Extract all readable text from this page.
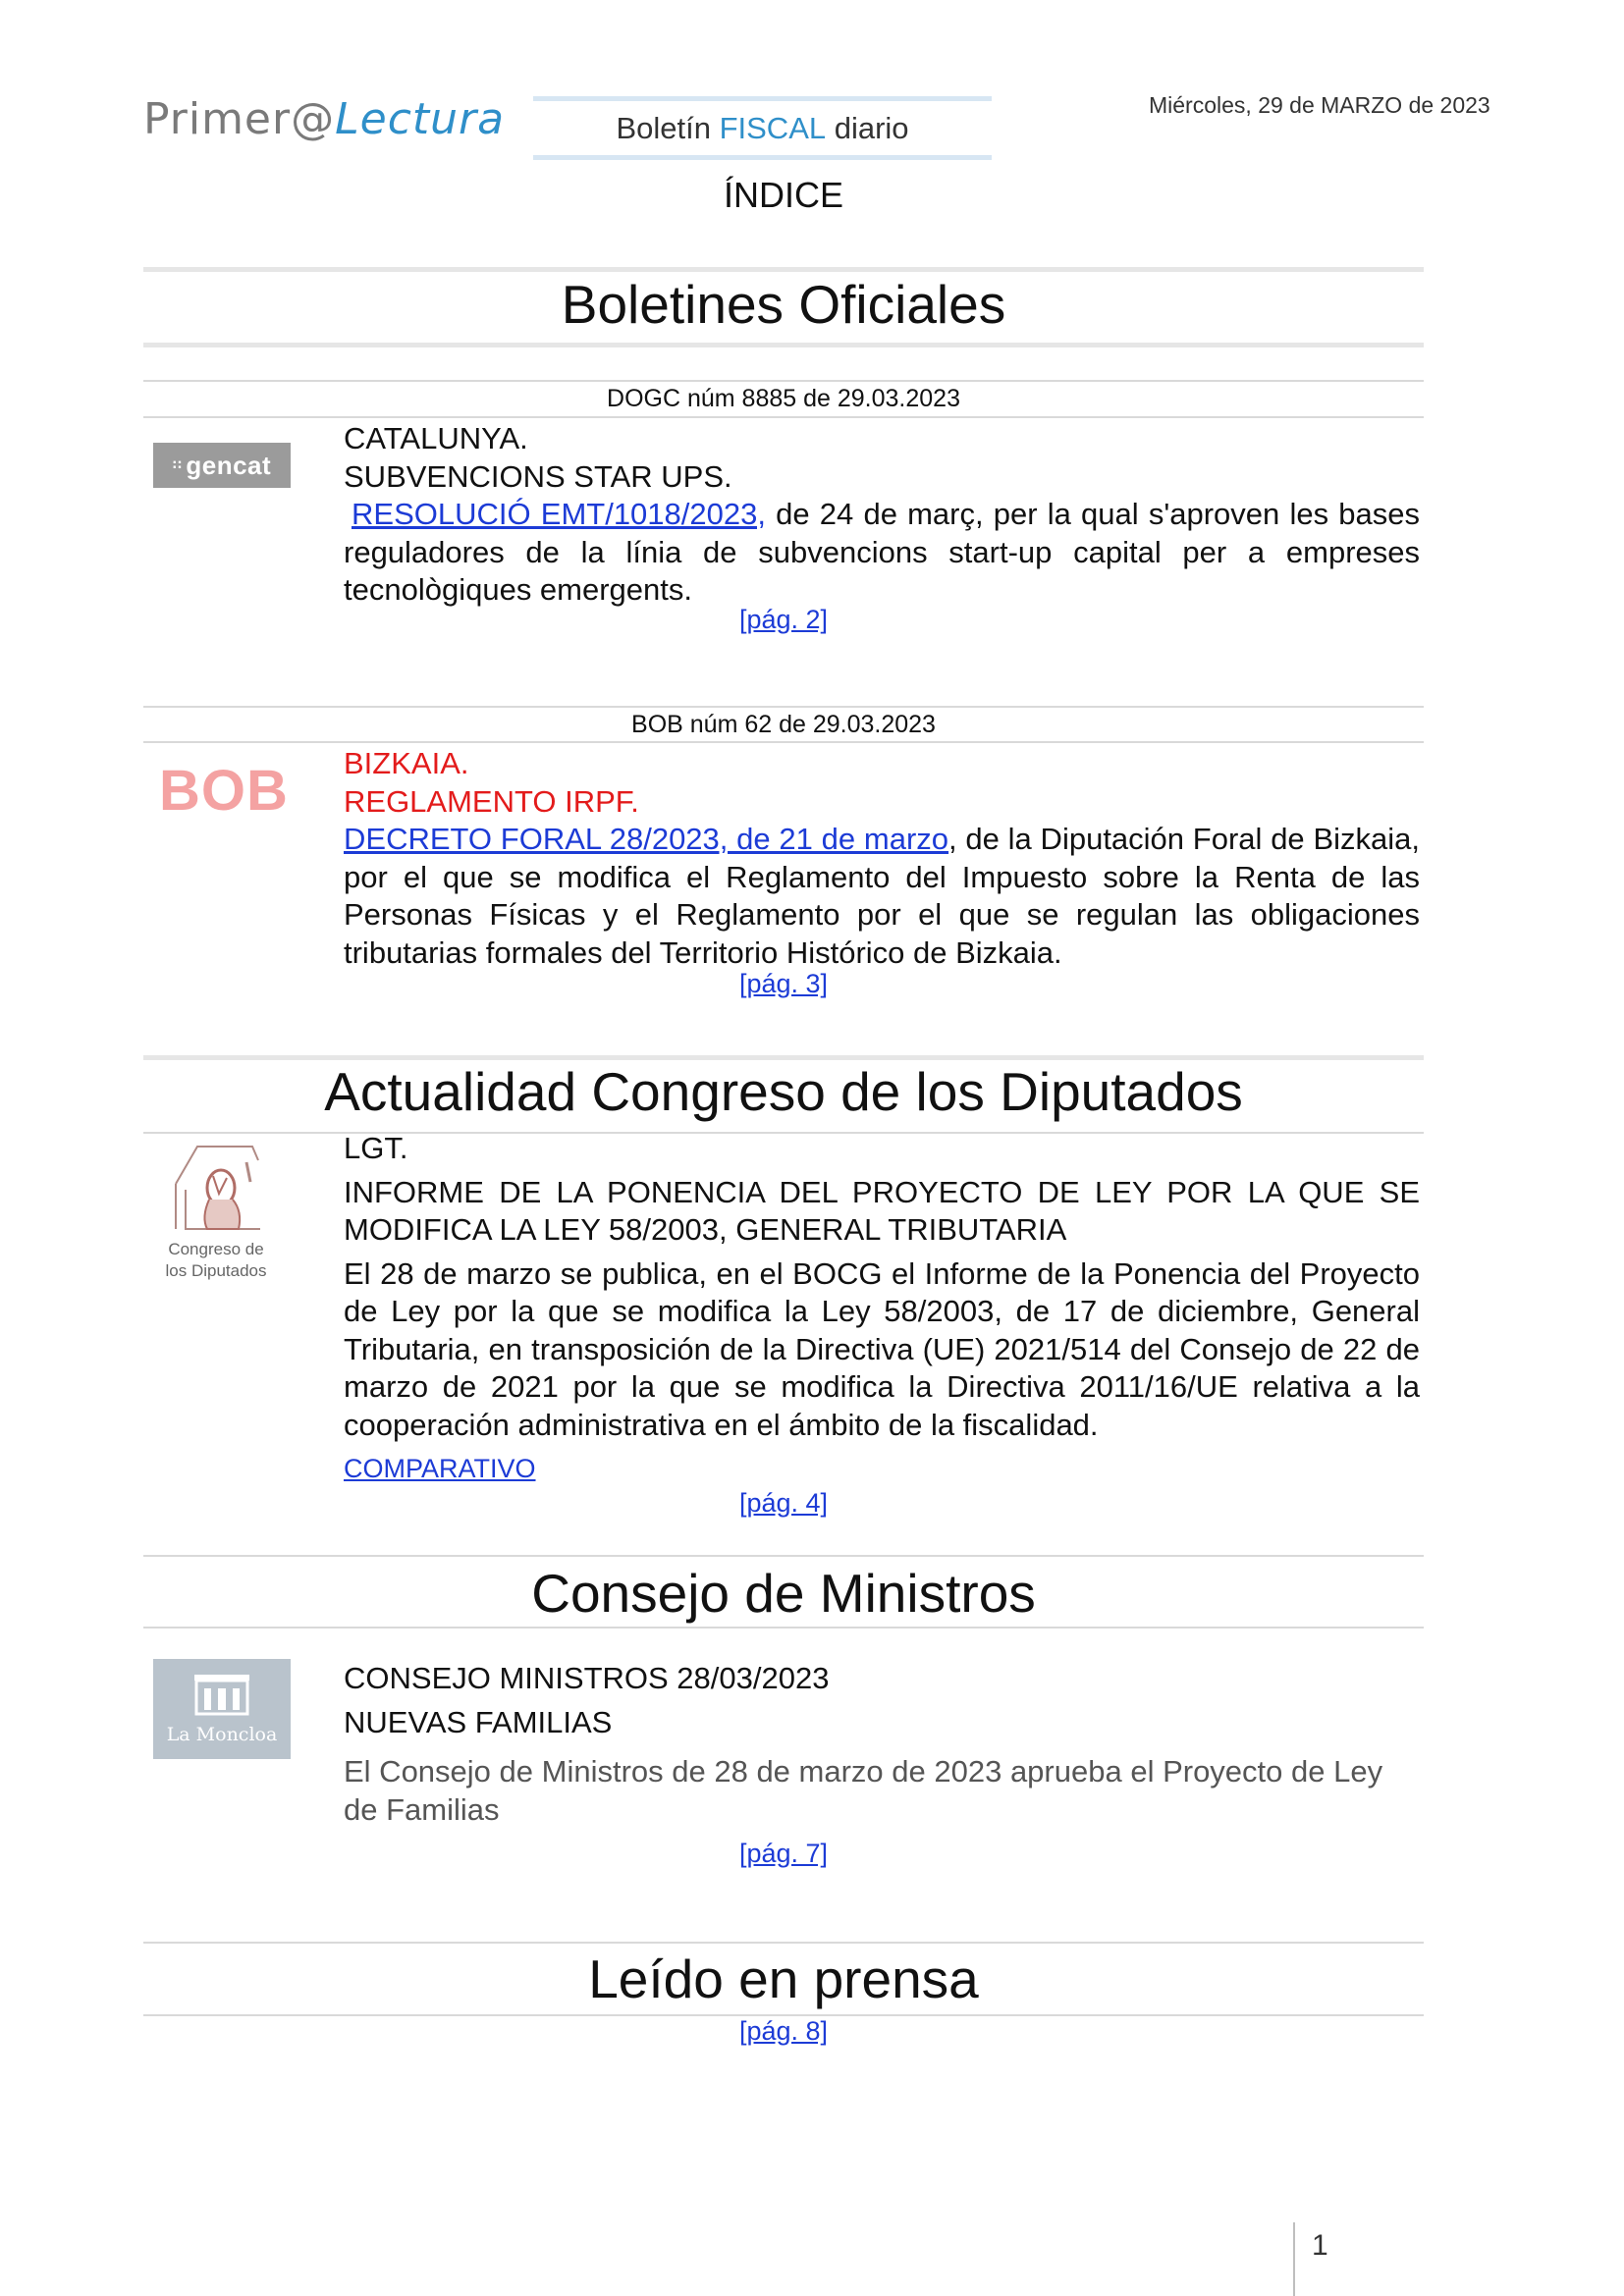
Primer@Lectura	Boletín FISCAL diario
Miércoles, 29 de MARZO de 2023
ÍNDICE
Boletines Oficiales
DOGC núm 8885 de 29.03.2023
∷ gencat

CATALUNYA.

SUBVENCIONS STAR UPS.

RESOLUCIÓ EMT/1018/2023, de 24 de març, per la qual s'aproven les bases reguladores de la línia de subvencions start-up capital per a empreses tecnològiques emergents.

[pág. 2]
BOB núm 62 de 29.03.2023
BOB BIZKAIA.

REGLAMENTO IRPF.

DECRETO FORAL 28/2023, de 21 de marzo, de la Diputación Foral de Bizkaia, por el que se modifica el Reglamento del Impuesto sobre la Renta de las Personas Físicas y el Reglamento por el que se regulan las obligaciones tributarias formales del Territorio Histórico de Bizkaia.

[pág. 3]
Actualidad Congreso de los Diputados
Congreso de
los Diputados

LGT.

INFORME DE LA PONENCIA DEL PROYECTO DE LEY POR LA QUE SE MODIFICA LA LEY 58/2003, GENERAL TRIBUTARIA

El 28 de marzo se publica, en el BOCG el Informe de la Ponencia del Proyecto de Ley por la que se modifica la Ley 58/2003, de 17 de diciembre, General Tributaria, en transposición de la Directiva (UE) 2021/514 del Consejo de 22 de marzo de 2021 por la que se modifica la Directiva 2011/16/UE relativa a la cooperación administrativa en el ámbito de la fiscalidad.

COMPARATIVO

[pág. 4]
Consejo de Ministros
La Moncloa

CONSEJO MINISTROS 28/03/2023

NUEVAS FAMILIAS

El Consejo de Ministros de 28 de marzo de 2023 aprueba el Proyecto de Ley de Familias

[pág. 7]
Leído en prensa
[pág. 8]
1
